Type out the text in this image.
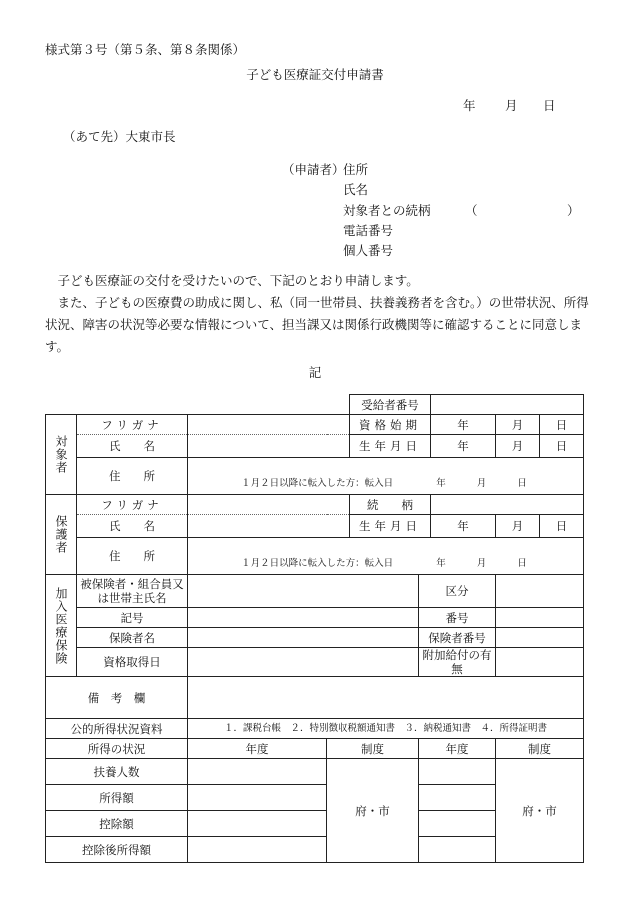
様式第３号（第５条、第８条関係）
子ども医療証交付申請書
年 月 日
（あて先）大東市長
（申請者）
住所
氏名
対象者との続柄	（	）
電話番号
個人番号

子ども医療証の交付を受けたいので、下記のとおり申請します。

また、子どもの医療費の助成に関し、私（同一世帯員、扶養義務者を含む。）の世帯状況、所得状況、障害の状況等必要な情報について、担当課又は関係行政機関等に確認することに同意します。

記
				受給者番号				

対象者	フリガナ			資格始期		年	月	日
	氏　　名			生年月日		年	月	日
	住　　所	１月２日以降に転入した方：転入日 年 月 日						

保護者	フリガナ			続　　柄				
	氏　　名			生年月日		年	月	日
	住　　所	１月２日以降に転入した方：転入日 年 月 日						

加入医療保険	被保険者・組合員又は世帯主氏名				区分			
	記号				番号			
	保険者名				保険者番号			
	資格取得日				附加給付の有無			
備　考　欄								
公的所得状況資料		１．課税台帳　２．特別徴収税額通知書　３．納税通知書　４．所得証明書						
所得の状況		年度	制度		年度		制度	
扶養人数			府・市				府・市	
所得額								
控除額								
控除後所得額								
